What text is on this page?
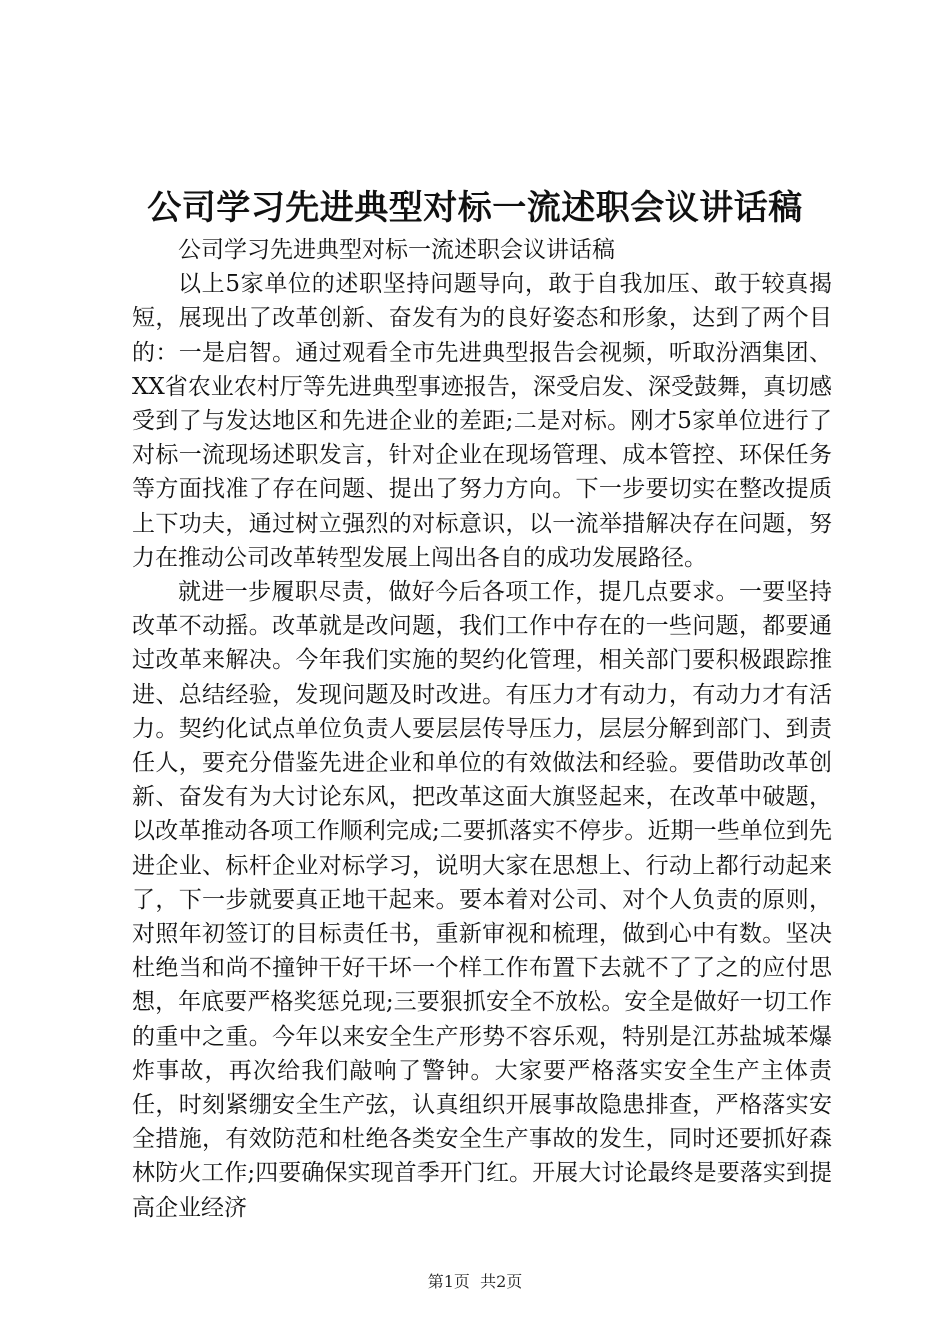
公司学习先进典型对标一流述职会议讲话稿

公司学习先进典型对标一流述职会议讲话稿

以上5家单位的述职坚持问题导向，敢于自我加压、敢于较真揭短，展现出了改革创新、奋发有为的良好姿态和形象，达到了两个目的：一是启智。通过观看全市先进典型报告会视频，听取汾酒集团、XX省农业农村厅等先进典型事迹报告，深受启发、深受鼓舞，真切感受到了与发达地区和先进企业的差距;二是对标。刚才5家单位进行了对标一流现场述职发言，针对企业在现场管理、成本管控、环保任务等方面找准了存在问题、提出了努力方向。下一步要切实在整改提质上下功夫，通过树立强烈的对标意识，以一流举措解决存在问题，努力在推动公司改革转型发展上闯出各自的成功发展路径。

就进一步履职尽责，做好今后各项工作，提几点要求。一要坚持改革不动摇。改革就是改问题，我们工作中存在的一些问题，都要通过改革来解决。今年我们实施的契约化管理，相关部门要积极跟踪推进、总结经验，发现问题及时改进。有压力才有动力，有动力才有活力。契约化试点单位负责人要层层传导压力，层层分解到部门、到责任人，要充分借鉴先进企业和单位的有效做法和经验。要借助改革创新、奋发有为大讨论东风，把改革这面大旗竖起来，在改革中破题，以改革推动各项工作顺利完成;二要抓落实不停步。近期一些单位到先进企业、标杆企业对标学习，说明大家在思想上、行动上都行动起来了，下一步就要真正地干起来。要本着对公司、对个人负责的原则，对照年初签订的目标责任书，重新审视和梳理，做到心中有数。坚决杜绝当和尚不撞钟干好干坏一个样工作布置下去就不了了之的应付思想，年底要严格奖惩兑现;三要狠抓安全不放松。安全是做好一切工作的重中之重。今年以来安全生产形势不容乐观，特别是江苏盐城苯爆炸事故，再次给我们敲响了警钟。大家要严格落实安全生产主体责任，时刻紧绷安全生产弦，认真组织开展事故隐患排查，严格落实安全措施，有效防范和杜绝各类安全生产事故的发生，同时还要抓好森林防火工作;四要确保实现首季开门红。开展大讨论最终是要落实到提高企业经济

第1页 共2页
